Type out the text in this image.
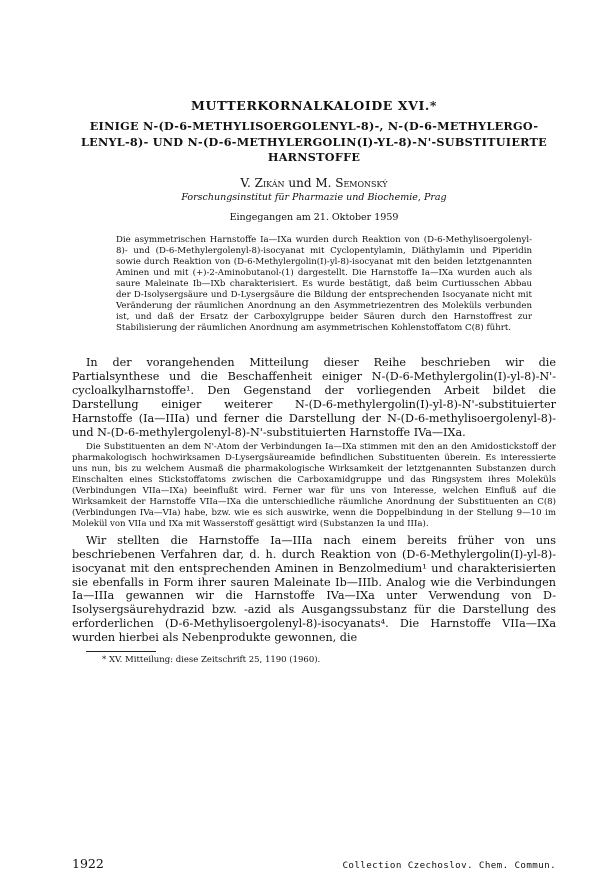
MUTTERKORNALKALOIDE XVI.*
EINIGE N-(D-6-METHYLISOERGOLENYL-8)-, N-(D-6-METHYLERGO-LENYL-8)- UND N-(D-6-METHYLERGOLIN(I)-YL-8)-N'-SUBSTITUIERTE HARNSTOFFE
V. Zikán und M. Semonský
Forschungsinstitut für Pharmazie und Biochemie, Prag
Eingegangen am 21. Oktober 1959

Die asymmetrischen Harnstoffe Ia—IXa wurden durch Reaktion von (D-6-Methylisoergolenyl-8)- und (D-6-Methylergolenyl-8)-isocyanat mit Cyclopentylamin, Diäthylamin und Piperidin sowie durch Reaktion von (D-6-Methylergolin(I)-yl-8)-isocyanat mit den beiden letztgenannten Aminen und mit (+)-2-Aminobutanol-(1) dargestellt. Die Harnstoffe Ia—IXa wurden auch als saure Maleinate Ib—IXb charakterisiert. Es wurde bestätigt, daß beim Curtiusschen Abbau der D-Isolysergsäure und D-Lysergsäure die Bildung der entsprechenden Isocyanate nicht mit Veränderung der räumlichen Anordnung an den Asymmetriezentren des Moleküls verbunden ist, und daß der Ersatz der Carboxylgruppe beider Säuren durch den Harnstoffrest zur Stabilisierung der räumlichen Anordnung am asymmetrischen Kohlenstoffatom C(8) führt.

In der vorangehenden Mitteilung dieser Reihe beschrieben wir die Partialsynthese und die Beschaffenheit einiger N-(D-6-Methylergolin(I)-yl-8)-N'-cycloalkylharnstoffe¹. Den Gegenstand der vorliegenden Arbeit bildet die Darstellung einiger weiterer N-(D-6-methylergolin(I)-yl-8)-N'-substituierter Harnstoffe (Ia—IIIa) und ferner die Darstellung der N-(D-6-methylisoergolenyl-8)- und N-(D-6-methylergolenyl-8)-N'-substituierten Harnstoffe IVa—IXa.

Die Substituenten an dem N'-Atom der Verbindungen Ia—IXa stimmen mit den an den Amidostickstoff der pharmakologisch hochwirksamen D-Lysergsäureamide befindlichen Substituenten überein. Es interessierte uns nun, bis zu welchem Ausmaß die pharmakologische Wirksamkeit der letztgenannten Substanzen durch Einschalten eines Stickstoffatoms zwischen die Carboxamidgruppe und das Ringsystem ihres Moleküls (Verbindungen VIIa—IXa) beeinflußt wird. Ferner war für uns von Interesse, welchen Einfluß auf die Wirksamkeit der Harnstoffe VIIa—IXa die unterschiedliche räumliche Anordnung der Substituenten an C(8) (Verbindungen IVa—VIa) habe, bzw. wie es sich auswirke, wenn die Doppelbindung in der Stellung 9—10 im Molekül von VIIa und IXa mit Wasserstoff gesättigt wird (Substanzen Ia und IIIa).

Wir stellten die Harnstoffe Ia—IIIa nach einem bereits früher von uns beschriebenen Verfahren dar, d. h. durch Reaktion von (D-6-Methylergolin(I)-yl-8)-isocyanat mit den entsprechenden Aminen in Benzolmedium¹ und charakterisierten sie ebenfalls in Form ihrer sauren Maleinate Ib—IIIb. Analog wie die Verbindungen Ia—IIIa gewannen wir die Harnstoffe IVa—IXa unter Verwendung von D-Isolysergsäurehydrazid bzw. -azid als Ausgangssubstanz für die Darstellung des erforderlichen (D-6-Methylisoergolenyl-8)-isocyanats⁴. Die Harnstoffe VIIa—IXa wurden hierbei als Nebenprodukte gewonnen, die

* XV. Mitteilung: diese Zeitschrift 25, 1190 (1960).
1922	Collection Czechoslov. Chem. Commun.
